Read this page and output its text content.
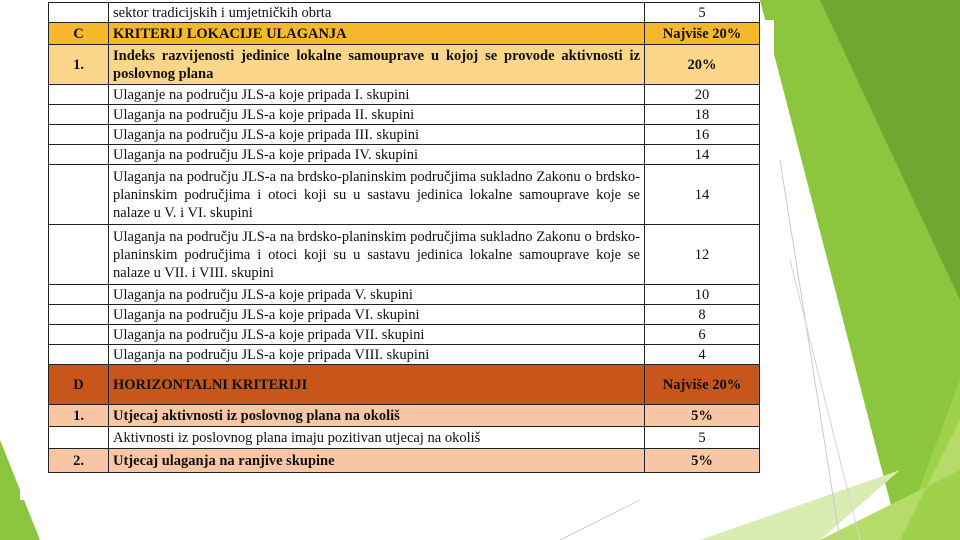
	sektor tradicijskih i umjetničkih obrta	5
C	KRITERIJ LOKACIJE ULAGANJA	Najviše 20%
1.	Indeks razvijenosti jedinice lokalne samouprave u kojoj se provode aktivnosti iz poslovnog plana	20%
	Ulaganje na području JLS-a koje pripada I. skupini	20
	Ulaganja na području JLS-a koje pripada II. skupini	18
	Ulaganja na području JLS-a koje pripada III. skupini	16
	Ulaganja na području JLS-a koje pripada IV. skupini	14
	Ulaganja na području JLS-a na brdsko-planinskim područjima sukladno Zakonu o brdsko-planinskim područjima i otoci koji su u sastavu jedinica lokalne samouprave koje se nalaze u V. i VI. skupini	14
	Ulaganja na području JLS-a na brdsko-planinskim područjima sukladno Zakonu o brdsko-planinskim područjima i otoci koji su u sastavu jedinica lokalne samouprave koje se nalaze u VII. i VIII. skupini	12
	Ulaganja na području JLS-a koje pripada V. skupini	10
	Ulaganja na području JLS-a koje pripada VI. skupini	8
	Ulaganja na području JLS-a koje pripada VII. skupini	6
	Ulaganja na području JLS-a koje pripada VIII. skupini	4
D	HORIZONTALNI KRITERIJI	Najviše 20%
1.	Utjecaj aktivnosti iz poslovnog plana na okoliš	5%
	Aktivnosti iz poslovnog plana imaju pozitivan utjecaj na okoliš	5
2.	Utjecaj ulaganja na ranjive skupine	5%
